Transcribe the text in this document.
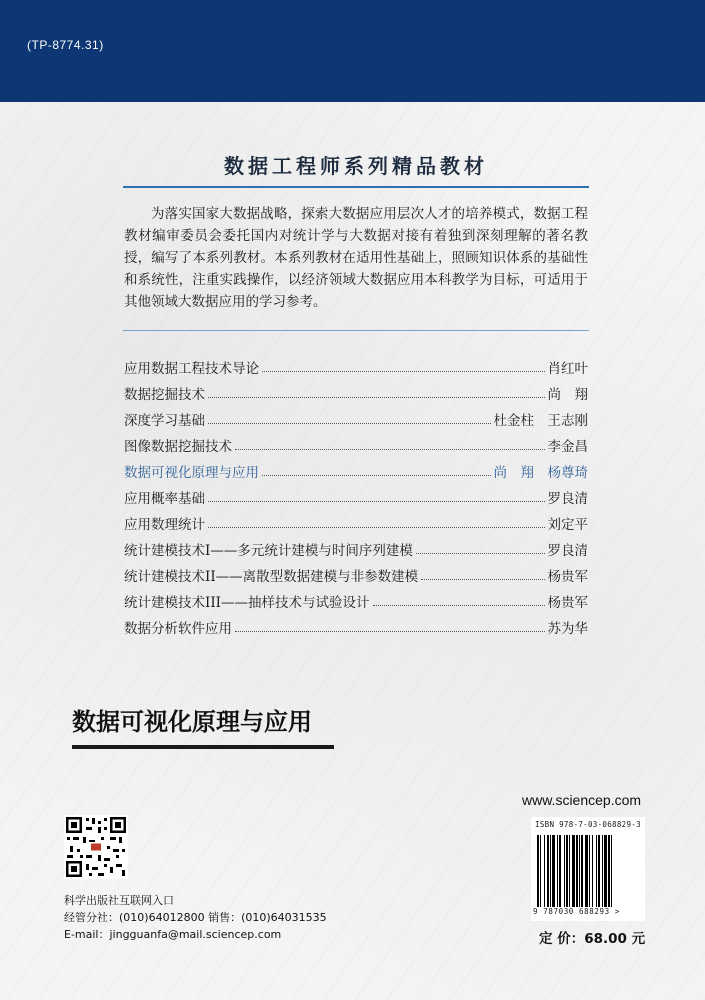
(TP-8774.31)
数据工程师系列精品教材
为落实国家大数据战略，探索大数据应用层次人才的培养模式，数据工程教材编审委员会委托国内对统计学与大数据对接有着独到深刻理解的著名教授，编写了本系列教材。本系列教材在适用性基础上，照顾知识体系的基础性和系统性，注重实践操作，以经济领域大数据应用本科教学为目标，可适用于其他领域大数据应用的学习参考。
应用数据工程技术导论	肖红叶
数据挖掘技术	尚　翔
深度学习基础	杜金柱　王志刚
图像数据挖掘技术	李金昌
数据可视化原理与应用	尚　翔　杨尊琦
应用概率基础	罗良清
应用数理统计	刘定平
统计建模技术I——多元统计建模与时间序列建模	罗良清
统计建模技术II——离散型数据建模与非参数建模	杨贵军
统计建模技术III——抽样技术与试验设计	杨贵军
数据分析软件应用	苏为华
数据可视化原理与应用
www.sciencep.com
科学出版社互联网入口
经管分社：(010)64012800 销售：(010)64031535
E-mail：jingguanfa@mail.sciencep.com
ISBN 978-7-03-068829-3
9 787030 688293 >
定 价：68.00 元
